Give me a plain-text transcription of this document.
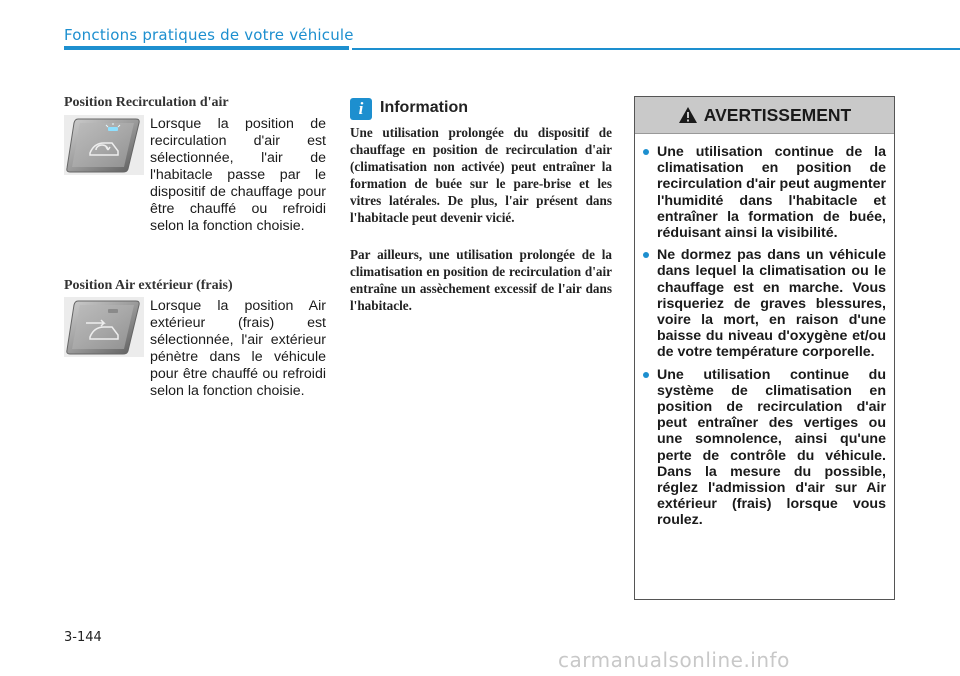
Fonctions pratiques de votre véhicule
Position Recirculation d'air
Lorsque la position de recirculation d'air est sélectionnée, l'air de l'habitacle passe par le dispositif de chauffage pour être chauffé ou refroidi selon la fonction choisie.
Position Air extérieur (frais)
Lorsque la position Air extérieur (frais) est sélectionnée, l'air extérieur pénètre dans le véhicule pour être chauffé ou refroidi selon la fonction choisie.
i	Information

Une utilisation prolongée du dispositif de chauffage en position de recirculation d'air (climatisation non activée) peut entraîner la formation de buée sur le pare-brise et les vitres latérales. De plus, l'air présent dans l'habitacle peut devenir vicié.

Par ailleurs, une utilisation prolongée de la climatisation en position de recirculation d'air entraîne un assèchement excessif de l'air dans l'habitacle.

AVERTISSEMENT
Une utilisation continue de la climatisation en position de recirculation d'air peut augmenter l'humidité dans l'habitacle et entraîner la formation de buée, réduisant ainsi la visibilité.
Ne dormez pas dans un véhicule dans lequel la climatisation ou le chauffage est en marche. Vous risqueriez de graves blessures, voire la mort, en raison d'une baisse du niveau d'oxygène et/ou de votre température corporelle.
Une utilisation continue du système de climatisation en position de recirculation d'air peut entraîner des vertiges ou une somnolence, ainsi qu'une perte de contrôle du véhicule. Dans la mesure du possible, réglez l'admission d'air sur Air extérieur (frais) lorsque vous roulez.
3-144
carmanualsonline.info
